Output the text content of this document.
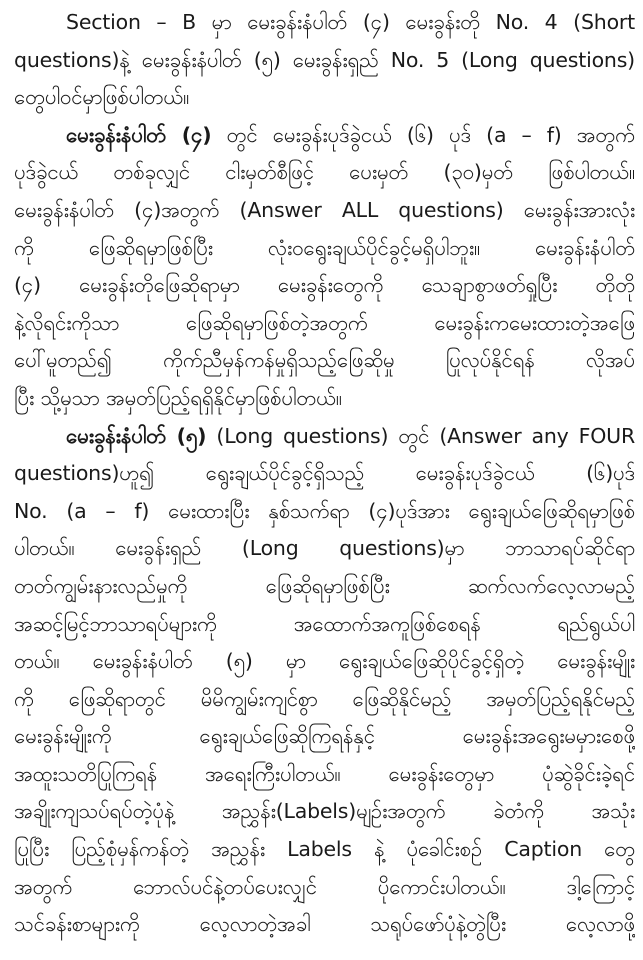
Section – B မှာ မေးခွန်းနံပါတ် (၄) မေးခွန်းတို No. 4 (Short
questions)နဲ့ မေးခွန်းနံပါတ် (၅) မေးခွန်းရှည် No. 5 (Long questions)
တွေပါဝင်မှာဖြစ်ပါတယ်။
မေးခွန်းနံပါတ် (၄) တွင် မေးခွန်းပုဒ်ခွဲငယ် (၆) ပုဒ် (a – f) အတွက်
ပုဒ်ခွဲငယ် တစ်ခုလျှင် ငါးမှတ်စီဖြင့် ပေးမှတ် (၃၀)မှတ် ဖြစ်ပါတယ်။
မေးခွန်းနံပါတ် (၄)အတွက် (Answer ALL questions) မေးခွန်းအားလုံး
ကို ဖြေဆိုရမှာဖြစ်ပြီး လုံးဝရွေးချယ်ပိုင်ခွင့်မရှိပါဘူး။ မေးခွန်းနံပါတ်
(၄) မေးခွန်းတိုဖြေဆိုရာမှာ မေးခွန်းတွေကို သေချာစွာဖတ်ရှုပြီး တိုတို
နဲ့လိုရင်းကိုသာ ဖြေဆိုရမှာဖြစ်တဲ့အတွက် မေးခွန်းကမေးထားတဲ့အဖြေ
ပေါ်မူတည်၍ ကိုက်ညီမှန်ကန်မှုရှိသည့်ဖြေဆိုမှု ပြုလုပ်နိုင်ရန် လိုအပ်
ပြီး သို့မှသာ အမှတ်ပြည့်ရရှိနိုင်မှာဖြစ်ပါတယ်။
မေးခွန်းနံပါတ် (၅) (Long questions) တွင် (Answer any FOUR
questions)ဟူ၍ ရွေးချယ်ပိုင်ခွင့်ရှိသည့် မေးခွန်းပုဒ်ခွဲငယ် (၆)ပုဒ်
No. (a – f) မေးထားပြီး နှစ်သက်ရာ (၄)ပုဒ်အား ရွေးချယ်ဖြေဆိုရမှာဖြစ်
ပါတယ်။ မေးခွန်းရှည် (Long questions)မှာ ဘာသာရပ်ဆိုင်ရာ
တတ်ကျွမ်းနားလည်မှုကို ဖြေဆိုရမှာဖြစ်ပြီး ဆက်လက်လေ့လာမည့်
အဆင့်မြင့်ဘာသာရပ်များကို အထောက်အကူဖြစ်စေရန် ရည်ရွယ်ပါ
တယ်။ မေးခွန်းနံပါတ် (၅) မှာ ရွေးချယ်ဖြေဆိုပိုင်ခွင့်ရှိတဲ့ မေးခွန်းမျိုး
ကို ဖြေဆိုရာတွင် မိမိကျွမ်းကျင်စွာ ဖြေဆိုနိုင်မည့် အမှတ်ပြည့်ရနိုင်မည့်
မေးခွန်းမျိုးကို ရွေးချယ်ဖြေဆိုကြရန်နှင့် မေးခွန်းအရွေးမမှားစေဖို့
အထူးသတိပြုကြရန် အရေးကြီးပါတယ်။ မေးခွန်းတွေမှာ ပုံဆွဲခိုင်းခဲ့ရင်
အချိုးကျသပ်ရပ်တဲ့ပုံနဲ့ အညွှန်း(Labels)မျဉ်းအတွက် ခဲတံကို အသုံး
ပြုပြီး ပြည့်စုံမှန်ကန်တဲ့ အညွှန်း Labels နဲ့ ပုံခေါင်းစဉ် Caption တွေ
အတွက် ဘောလ်ပင်နဲ့တပ်ပေးလျှင် ပိုကောင်းပါတယ်။ ဒါ့ကြောင့်
သင်ခန်းစာများကို လေ့လာတဲ့အခါ သရုပ်ဖော်ပုံနဲ့တွဲပြီး လေ့လာဖို့
